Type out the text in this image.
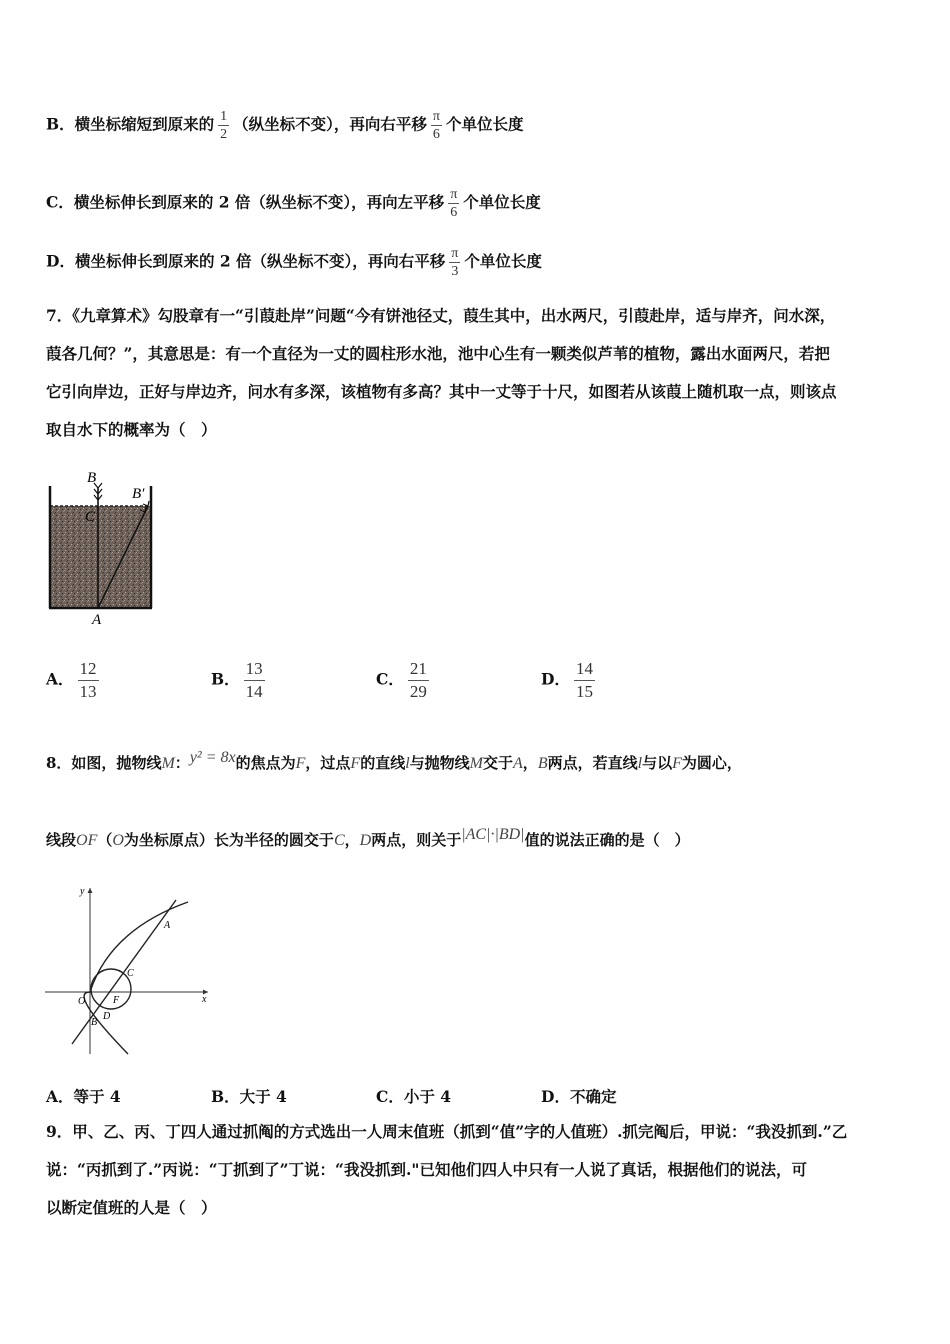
B．横坐标缩短到原来的 $\frac{1}{2}$ （纵坐标不变），再向右平移 $\frac{\pi}{6}$ 个单位长度
C．横坐标伸长到原来的 2 倍（纵坐标不变），再向左平移 $\frac{\pi}{6}$ 个单位长度
D．横坐标伸长到原来的 2 倍（纵坐标不变），再向右平移 $\frac{\pi}{3}$ 个单位长度
7．《九章算术》勾股章有一“引葭赴岸”问题“今有饼池径丈，葭生其中，出水两尺，引葭赴岸，适与岸齐，问水深，
葭各几何？”，其意思是：有一个直径为一丈的圆柱形水池，池中心生有一颗类似芦苇的植物，露出水面两尺，若把
它引向岸边，正好与岸边齐，问水有多深，该植物有多高？其中一丈等于十尺，如图若从该葭上随机取一点，则该点
取自水下的概率为（　）
B
B′
C
A
A． $\frac{12}{13}$	B． $\frac{13}{14}$	C． $\frac{21}{29}$	D． $\frac{14}{15}$
8．如图，抛物线M：y² = 8x的焦点为F，过点F的直线l与抛物线M交于A，B两点，若直线l与以F为圆心，
线段OF（O为坐标原点）长为半径的圆交于C，D两点，则关于|AC|·|BD|值的说法正确的是（　）
y
x
O	F
A
C
D
B
A．等于 4	B．大于 4	C．小于 4	D．不确定
9．甲、乙、丙、丁四人通过抓阄的方式选出一人周末值班（抓到“值”字的人值班）.抓完阄后，甲说：“我没抓到.”乙
说：“丙抓到了.”丙说：“丁抓到了”丁说：“我没抓到."已知他们四人中只有一人说了真话，根据他们的说法，可
以断定值班的人是（　）
